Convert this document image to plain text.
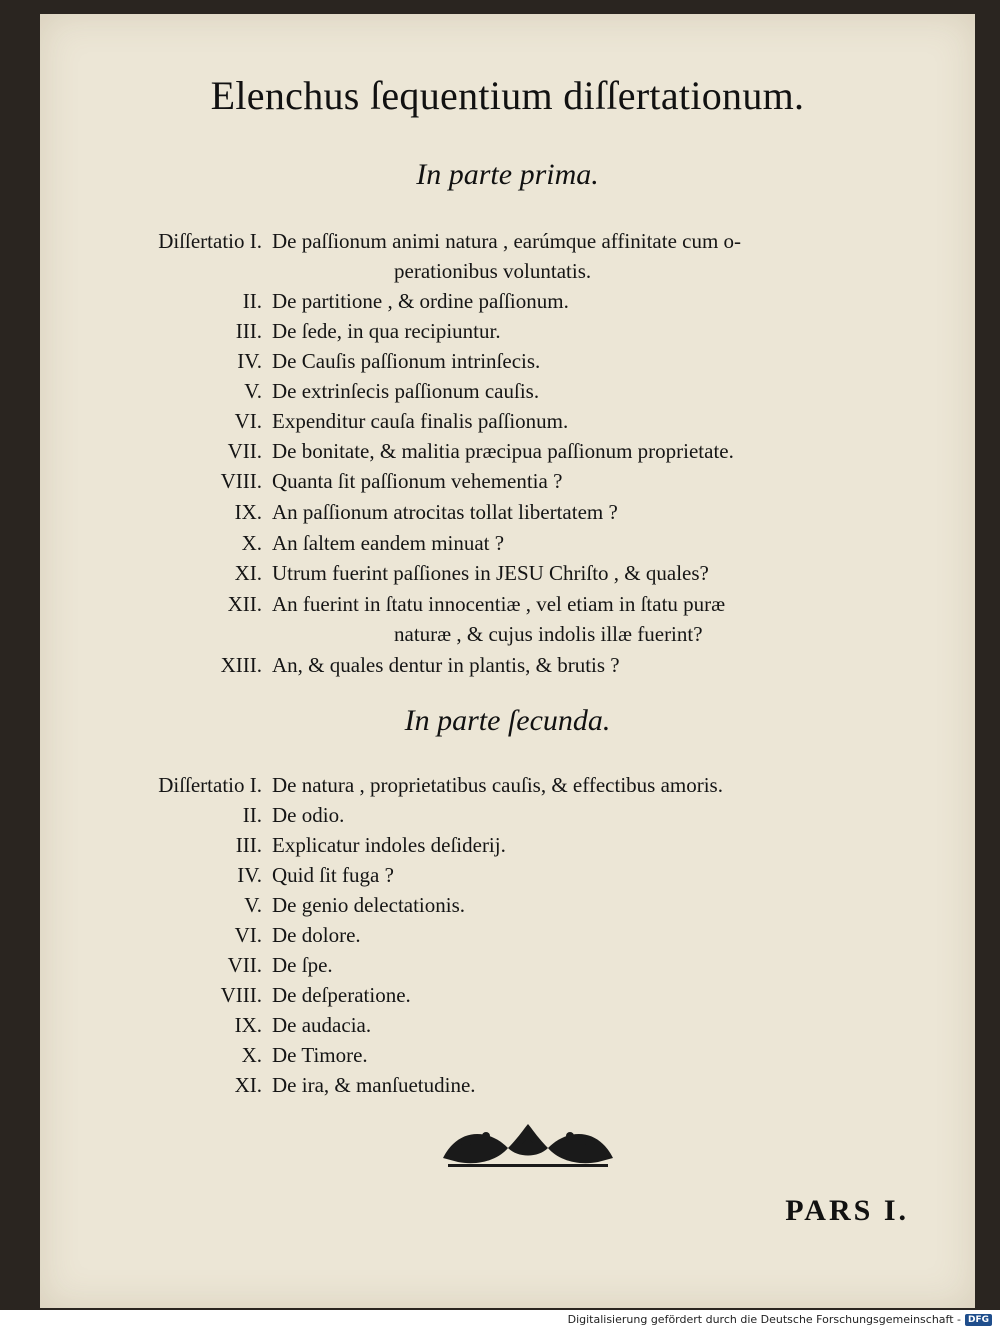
Elenchus ſequentium diſſertationum.
In parte prima.
Diſſertatio I. De paſſionum animi natura , earúmque affinitate cum o-
perationibus voluntatis.
II. De partitione , & ordine paſſionum.
III. De ſede, in qua recipiuntur.
IV. De Cauſis paſſionum intrinſecis.
V. De extrinſecis paſſionum cauſis.
VI. Expenditur cauſa finalis paſſionum.
VII. De bonitate, & malitia præcipua paſſionum proprietate.
VIII. Quanta ſit paſſionum vehementia ?
IX. An paſſionum atrocitas tollat libertatem ?
X. An ſaltem eandem minuat ?
XI. Utrum fuerint paſſiones in JESU Chriſto , & quales?
XII. An fuerint in ſtatu innocentiæ , vel etiam in ſtatu puræ
naturæ , & cujus indolis illæ fuerint?
XIII. An, & quales dentur in plantis, & brutis ?
In parte ſecunda.
Diſſertatio I. De natura , proprietatibus cauſis, & effectibus amoris.
II. De odio.
III. Explicatur indoles deſiderij.
IV. Quid ſit fuga ?
V. De genio delectationis.
VI. De dolore.
VII. De ſpe.
VIII. De deſperatione.
IX. De audacia.
X. De Timore.
XI. De ira, & manſuetudine.
PARS I.
Digitalisierung gefördert durch die Deutsche Forschungsgemeinschaft - DFG
